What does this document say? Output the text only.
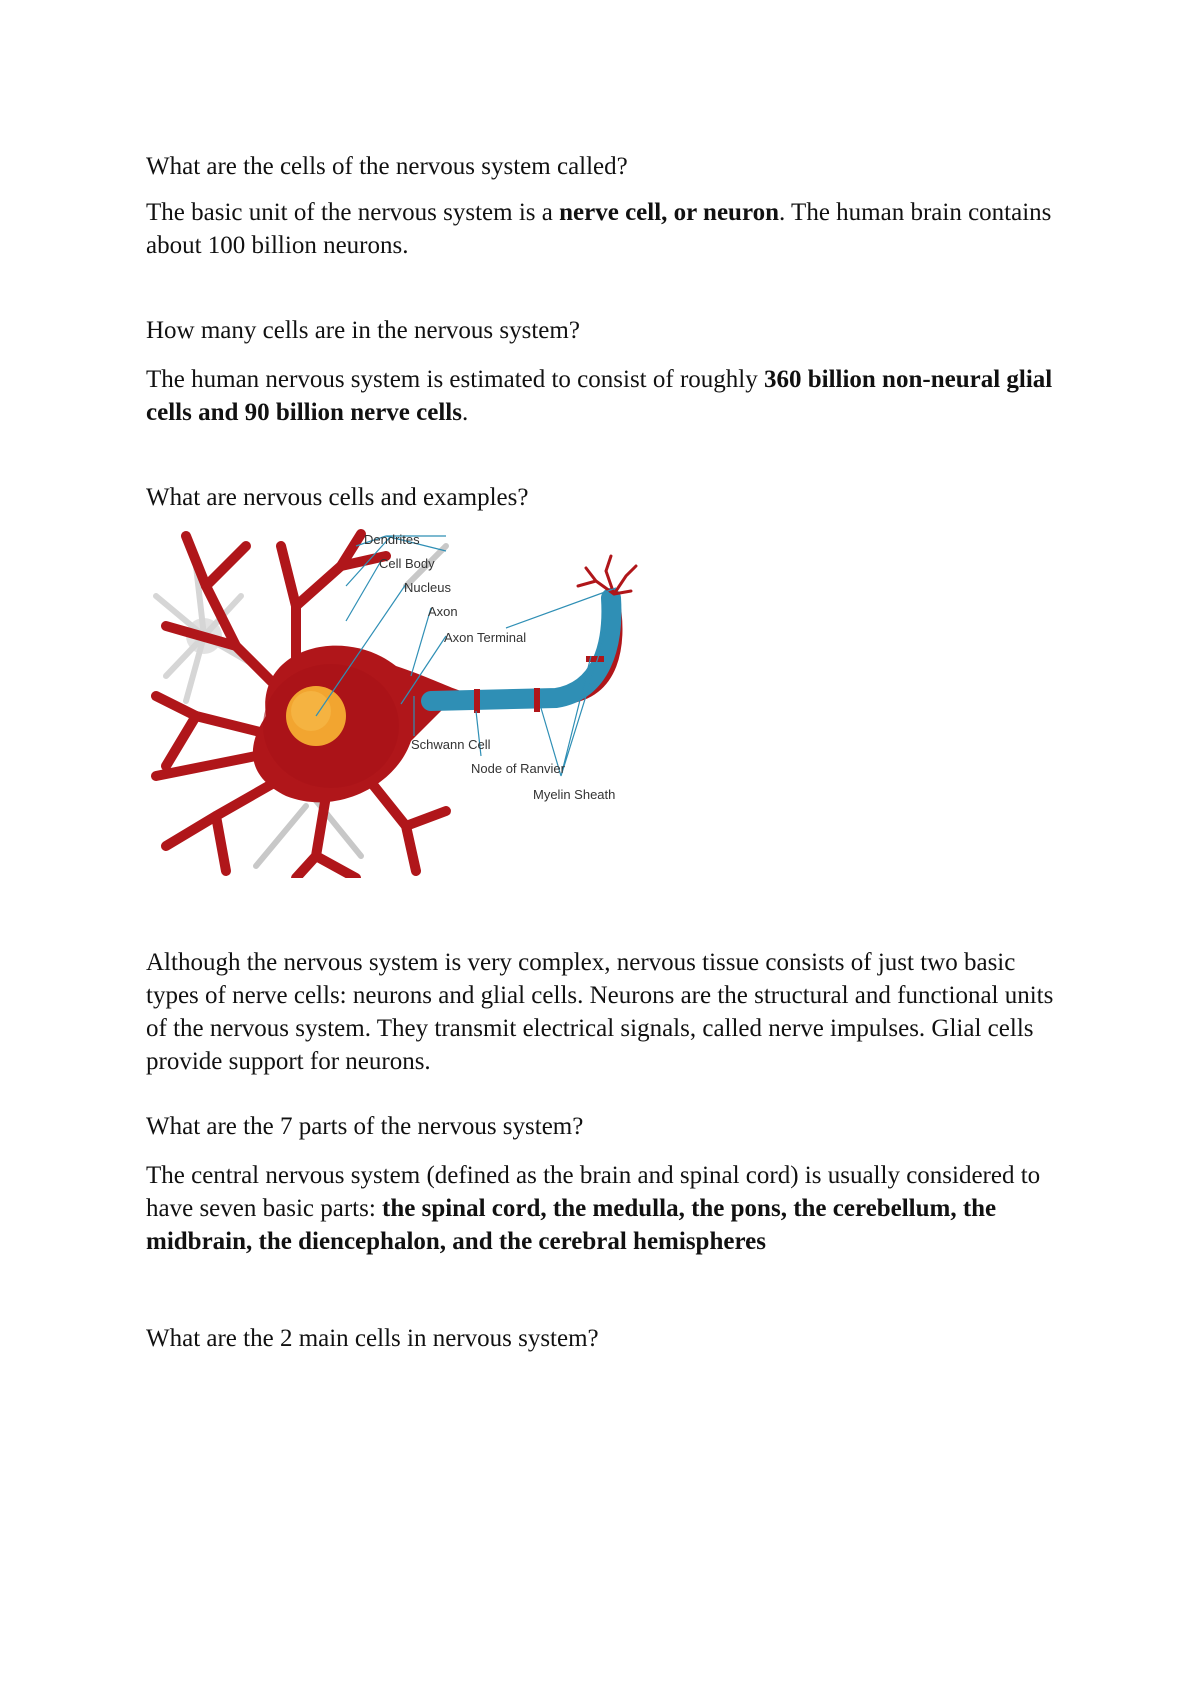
What are the cells of the nervous system called?

The basic unit of the nervous system is a nerve cell, or neuron. The human brain contains about 100 billion neurons.

How many cells are in the nervous system?

The human nervous system is estimated to consist of roughly 360 billion non-neural glial cells and 90 billion nerve cells.

What are nervous cells and examples?

Dendrites
Cell Body
Nucleus
Axon
Axon Terminal
Schwann Cell
Node of Ranvier
Myelin Sheath

Although the nervous system is very complex, nervous tissue consists of just two basic types of nerve cells: neurons and glial cells. Neurons are the structural and functional units of the nervous system. They transmit electrical signals, called nerve impulses. Glial cells provide support for neurons.

What are the 7 parts of the nervous system?

The central nervous system (defined as the brain and spinal cord) is usually considered to have seven basic parts: the spinal cord, the medulla, the pons, the cerebellum, the midbrain, the diencephalon, and the cerebral hemispheres

What are the 2 main cells in nervous system?
